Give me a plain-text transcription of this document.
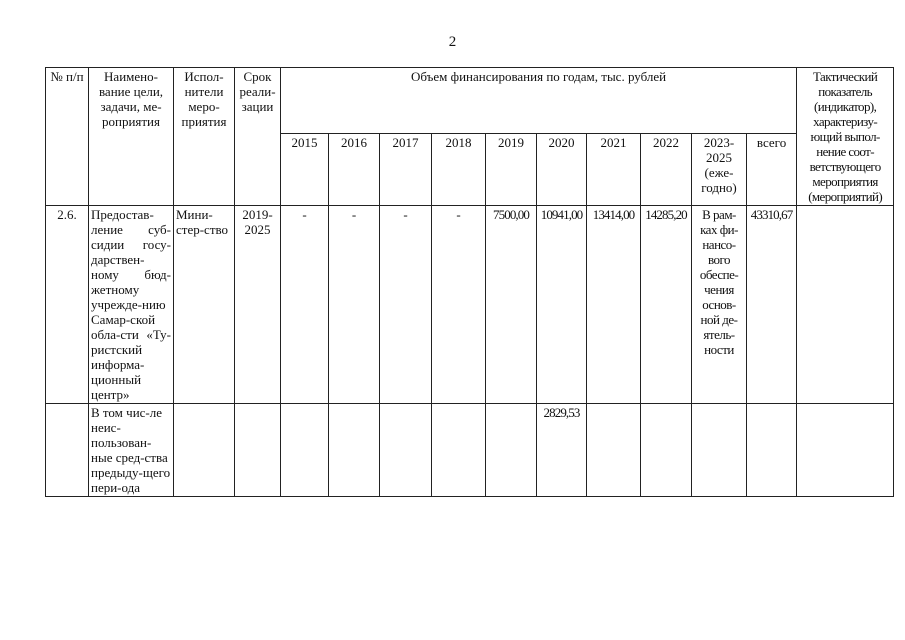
2
№ п/п	Наимено-вание цели, задачи, ме-роприятия	Испол-нители меро-приятия	Срок реали-зации	Объем финансирования по годам, тыс. рублей										Тактический показатель (индикатор), характеризу-ющий выпол-нение соот-ветствующего мероприятия (мероприятий)
				2015	2016	2017	2018	2019	2020	2021	2022	2023-2025 (еже-годно)	всего	
2.6.	Предостав-ление суб-сидии госу-дарствен-ному бюд-жетному учрежде-нию Самар-ской обла-сти «Ту-ристский информа-ционный центр»	Мини-стер-ство	2019-2025	-	-	-	-	7500,00	10941,00	13414,00	14285,20	В рам-ках фи-нансо-вого обеспе-чения основ-ной де-ятель-ности	43310,67	
	В том чис-ле неис-пользован-ные сред-ства предыду-щего пери-ода								2829,53					
